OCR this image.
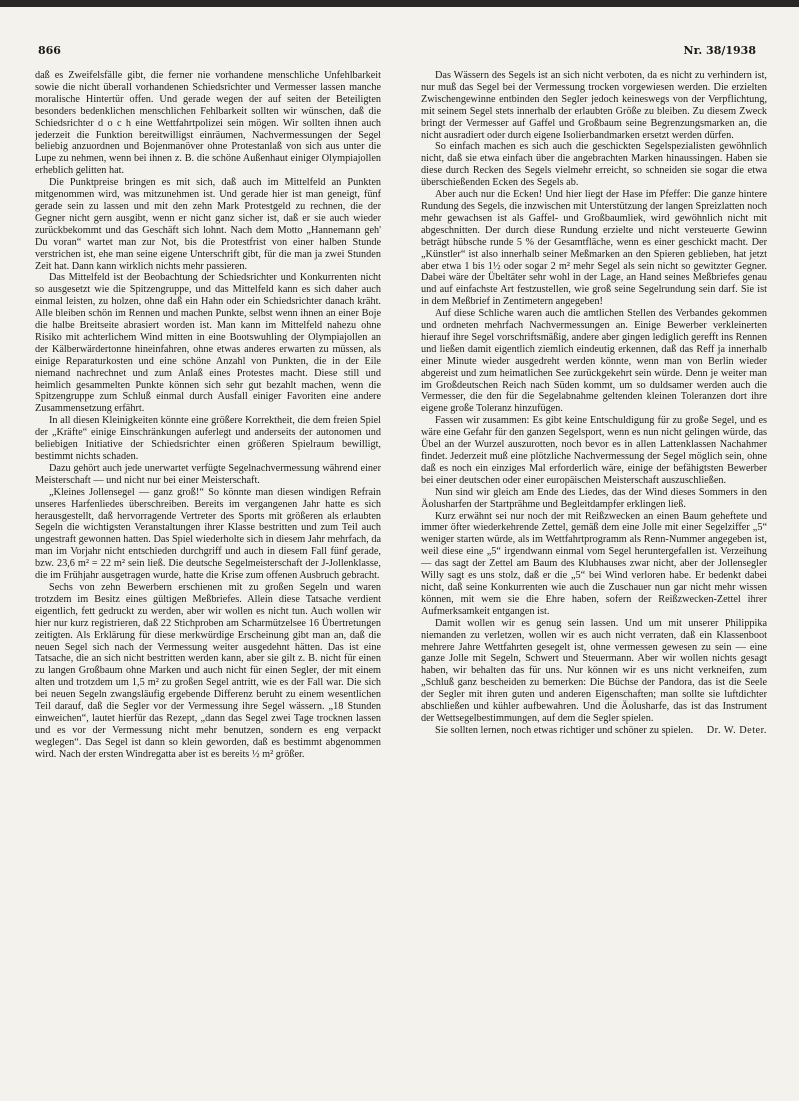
866	Nr. 38/1938

daß es Zweifelsfälle gibt, die ferner nie vorhandene menschliche Unfehlbarkeit sowie die nicht überall vorhandenen Schiedsrichter und Vermesser lassen manche moralische Hintertür offen. Und gerade wegen der auf seiten der Beteiligten besonders bedenklichen menschlichen Fehlbarkeit sollten wir wünschen, daß die Schiedsrichter d o c h eine Wettfahrtpolizei sein mögen. Wir sollten ihnen auch jederzeit die Funktion bereitwilligst einräumen, Nachvermessungen der Segel beliebig anzuordnen und Bojenmanöver ohne Protestanlaß von sich aus unter die Lupe zu nehmen, wenn bei ihnen z. B. die schöne Außenhaut einiger Olympiajollen erheblich gelitten hat.

Die Punktpreise bringen es mit sich, daß auch im Mittelfeld an Punkten mitgenommen wird, was mitzunehmen ist. Und gerade hier ist man geneigt, fünf gerade sein zu lassen und mit den zehn Mark Protestgeld zu rechnen, die der Gegner nicht gern ausgibt, wenn er nicht ganz sicher ist, daß er sie auch wieder zurückbekommt und das Geschäft sich lohnt. Nach dem Motto „Hannemann geh' Du voran“ wartet man zur Not, bis die Protestfrist von einer halben Stunde verstrichen ist, ehe man seine eigene Unterschrift gibt, für die man ja zwei Stunden Zeit hat. Dann kann wirklich nichts mehr passieren.

Das Mittelfeld ist der Beobachtung der Schiedsrichter und Konkurrenten nicht so ausgesetzt wie die Spitzengruppe, und das Mittelfeld kann es sich daher auch einmal leisten, zu holzen, ohne daß ein Hahn oder ein Schiedsrichter danach kräht. Alle bleiben schön im Rennen und machen Punkte, selbst wenn ihnen an einer Boje die halbe Breitseite abrasiert worden ist. Man kann im Mittelfeld nahezu ohne Risiko mit achterlichem Wind mitten in eine Bootswuhling der Olympiajollen an der Kälberwärdertonne hineinfahren, ohne etwas anderes erwarten zu müssen, als einige Reparaturkosten und eine schöne Anzahl von Punkten, die in der Eile niemand nachrechnet und zum Anlaß eines Protestes macht. Diese still und heimlich gesammelten Punkte können sich sehr gut bezahlt machen, wenn die Spitzengruppe zum Schluß einmal durch Ausfall einiger Favoriten eine andere Zusammensetzung erfährt.

In all diesen Kleinigkeiten könnte eine größere Korrektheit, die dem freien Spiel der „Kräfte“ einige Einschränkungen auferlegt und anderseits der autonomen und beliebigen Initiative der Schiedsrichter einen größeren Spielraum bewilligt, bestimmt nichts schaden.

Dazu gehört auch jede unerwartet verfügte Segelnachvermessung während einer Meisterschaft — und nicht nur bei einer Meisterschaft.

„Kleines Jollensegel — ganz groß!“ So könnte man diesen windigen Refrain unseres Harfenliedes überschreiben. Bereits im vergangenen Jahr hatte es sich herausgestellt, daß hervorragende Vertreter des Sports mit größeren als erlaubten Segeln die wichtigsten Veranstaltungen ihrer Klasse bestritten und zum Teil auch ungestraft gewonnen hatten. Das Spiel wiederholte sich in diesem Jahr mehrfach, da man im Vorjahr nicht entschieden durchgriff und auch in diesem Fall fünf gerade, bzw. 23,6 m² = 22 m² sein ließ. Die deutsche Segelmeisterschaft der J-Jollenklasse, die im Frühjahr ausgetragen wurde, hatte die Krise zum offenen Ausbruch gebracht.

Sechs von zehn Bewerbern erschienen mit zu großen Segeln und waren trotzdem im Besitz eines gültigen Meßbriefes. Allein diese Tatsache verdient eigentlich, fett gedruckt zu werden, aber wir wollen es nicht tun. Auch wollen wir hier nur kurz registrieren, daß 22 Stichproben am Scharmützelsee 16 Übertretungen zeitigten. Als Erklärung für diese merkwürdige Erscheinung gibt man an, daß die neuen Segel sich nach der Vermessung weiter ausgedehnt hätten. Das ist eine Tatsache, die an sich nicht bestritten werden kann, aber sie gilt z. B. nicht für einen zu langen Großbaum ohne Marken und auch nicht für einen Segler, der mit einem alten und trotzdem um 1,5 m² zu großen Segel antritt, wie es der Fall war. Die sich bei neuen Segeln zwangsläufig ergebende Differenz beruht zu einem wesentlichen Teil darauf, daß die Segler vor der Vermessung ihre Segel wässern. „18 Stunden einweichen“, lautet hierfür das Rezept, „dann das Segel zwei Tage trocknen lassen und es vor der Vermessung nicht mehr benutzen, sondern es eng verpackt weglegen“. Das Segel ist dann so klein geworden, daß es bestimmt abgenommen wird. Nach der ersten Windregatta aber ist es bereits ½ m² größer.

Das Wässern des Segels ist an sich nicht verboten, da es nicht zu verhindern ist, nur muß das Segel bei der Vermessung trocken vorgewiesen werden. Die erzielten Zwischengewinne entbinden den Segler jedoch keineswegs von der Verpflichtung, mit seinem Segel stets innerhalb der erlaubten Größe zu bleiben. Zu diesem Zweck bringt der Vermesser auf Gaffel und Großbaum seine Begrenzungsmarken an, die nicht ausradiert oder durch eigene Isolierbandmarken ersetzt werden dürfen.

So einfach machen es sich auch die geschickten Segelspezialisten gewöhnlich nicht, daß sie etwa einfach über die angebrachten Marken hinaussingen. Haben sie diese durch Recken des Segels vielmehr erreicht, so schneiden sie sogar die etwa überschießenden Ecken des Segels ab.

Aber auch nur die Ecken! Und hier liegt der Hase im Pfeffer: Die ganze hintere Rundung des Segels, die inzwischen mit Unterstützung der langen Spreizlatten noch mehr gewachsen ist als Gaffel- und Großbaumliek, wird gewöhnlich nicht mit abgeschnitten. Der durch diese Rundung erzielte und nicht versteuerte Gewinn beträgt hübsche runde 5 % der Gesamtfläche, wenn es einer geschickt macht. Der „Künstler“ ist also innerhalb seiner Meßmarken an den Spieren geblieben, hat jetzt aber etwa 1 bis 1½ oder sogar 2 m² mehr Segel als sein nicht so gewitzter Gegner. Dabei wäre der Übeltäter sehr wohl in der Lage, an Hand seines Meßbriefes genau und auf einfachste Art festzustellen, wie groß seine Segelrundung sein darf. Sie ist in dem Meßbrief in Zentimetern angegeben!

Auf diese Schliche waren auch die amtlichen Stellen des Verbandes gekommen und ordneten mehrfach Nachvermessungen an. Einige Bewerber verkleinerten hierauf ihre Segel vorschriftsmäßig, andere aber gingen lediglich gerefft ins Rennen und ließen damit eigentlich ziemlich eindeutig erkennen, daß das Reff ja innerhalb einer Minute wieder ausgedreht werden könnte, wenn man von Berlin wieder abgereist und zum heimatlichen See zurückgekehrt sein würde. Denn je weiter man im Großdeutschen Reich nach Süden kommt, um so duldsamer werden auch die Vermesser, die den für die Segelabnahme geltenden kleinen Toleranzen dort ihre eigene große Toleranz hinzufügen.

Fassen wir zusammen: Es gibt keine Entschuldigung für zu große Segel, und es wäre eine Gefahr für den ganzen Segelsport, wenn es nun nicht gelingen würde, das Übel an der Wurzel auszurotten, noch bevor es in allen Lattenklassen Nachahmer findet. Jederzeit muß eine plötzliche Nachvermessung der Segel möglich sein, ohne daß es noch ein einziges Mal erforderlich wäre, einige der befähigtsten Bewerber bei einer deutschen oder einer europäischen Meisterschaft auszuschließen.

Nun sind wir gleich am Ende des Liedes, das der Wind dieses Sommers in den Äolusharfen der Startprähme und Begleitdampfer erklingen ließ.

Kurz erwähnt sei nur noch der mit Reißzwecken an einen Baum geheftete und immer öfter wiederkehrende Zettel, gemäß dem eine Jolle mit einer Segelziffer „5“ weniger starten würde, als im Wettfahrtprogramm als Renn-Nummer angegeben ist, weil diese eine „5“ irgendwann einmal vom Segel heruntergefallen ist. Verzeihung — das sagt der Zettel am Baum des Klubhauses zwar nicht, aber der Jollensegler Willy sagt es uns stolz, daß er die „5“ bei Wind verloren habe. Er bedenkt dabei nicht, daß seine Konkurrenten wie auch die Zuschauer nun gar nicht mehr wissen können, mit wem sie die Ehre haben, sofern der Reißzwecken-Zettel ihrer Aufmerksamkeit entgangen ist.

Damit wollen wir es genug sein lassen. Und um mit unserer Philippika niemanden zu verletzen, wollen wir es auch nicht verraten, daß ein Klassenboot mehrere Jahre Wettfahrten gesegelt ist, ohne vermessen gewesen zu sein — eine ganze Jolle mit Segeln, Schwert und Steuermann. Aber wir wollen nichts gesagt haben, wir behalten das für uns. Nur können wir es uns nicht verkneifen, zum „Schluß ganz bescheiden zu bemerken: Die Büchse der Pandora, das ist die Seele der Segler mit ihren guten und anderen Eigenschaften; man sollte sie luftdichter abschließen und kühler aufbewahren. Und die Äolusharfe, das ist das Instrument der Wettsegelbestimmungen, auf dem die Segler spielen.

Sie sollten lernen, noch etwas richtiger und schöner zu spielen.	Dr. W. Deter.
